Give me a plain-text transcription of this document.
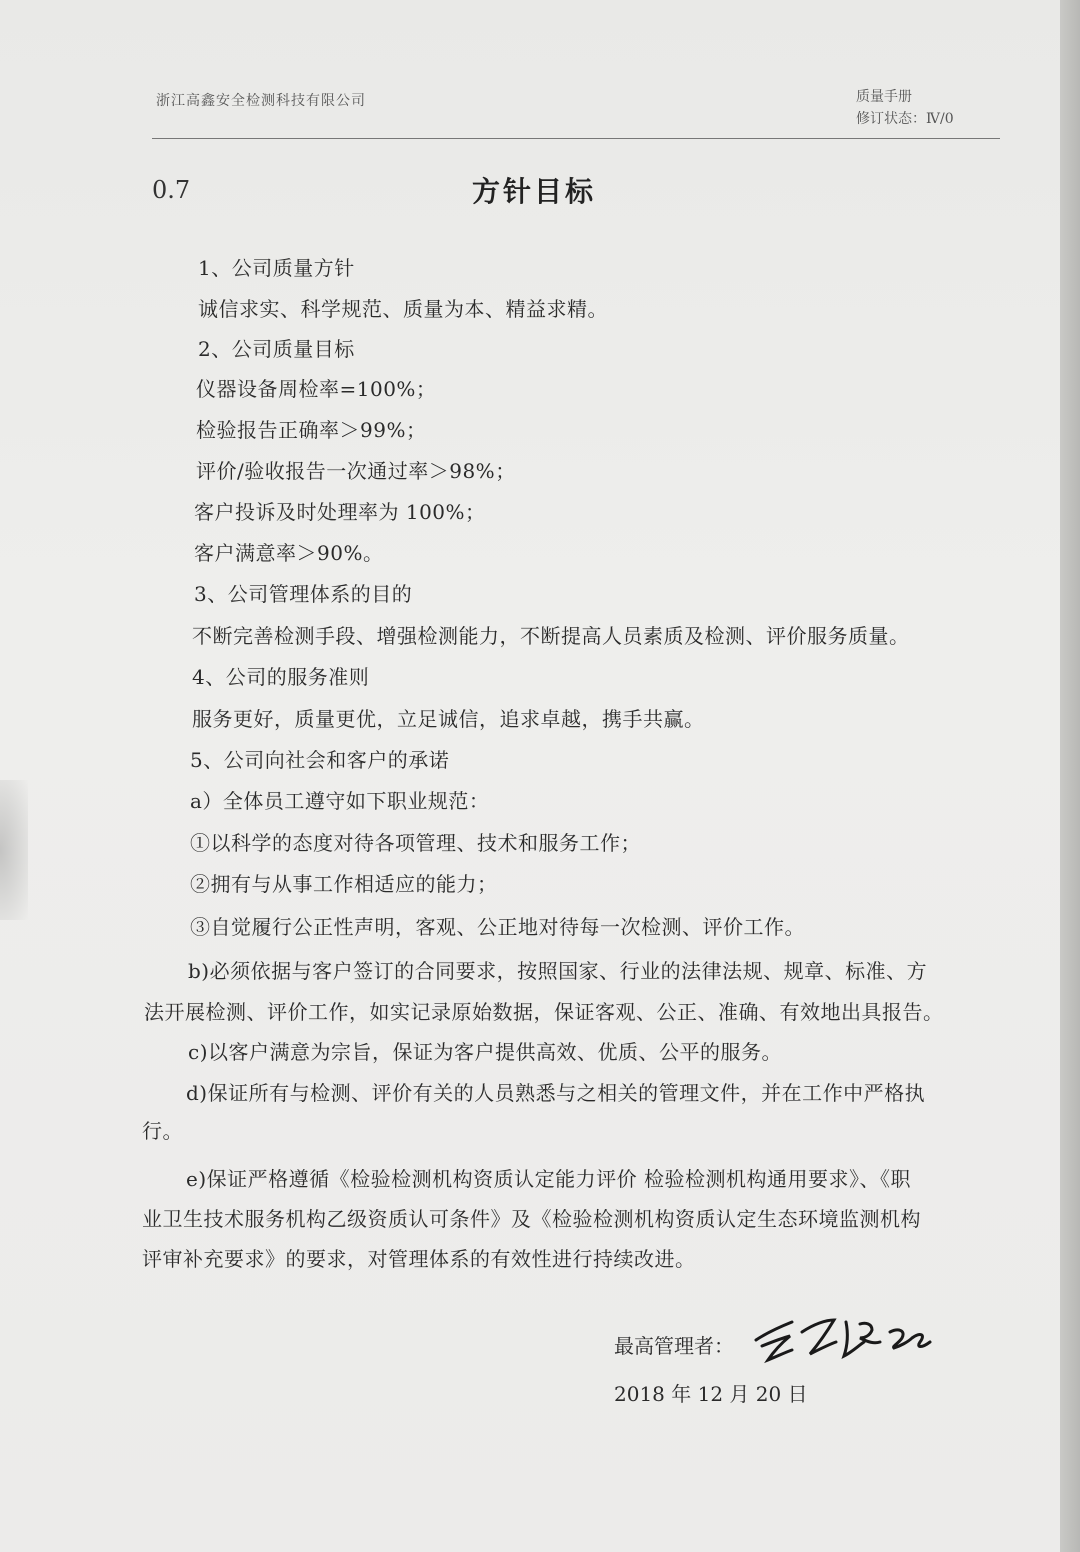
浙江高鑫安全检测科技有限公司	质量手册
修订状态：Ⅳ/0
0.7	方针目标
1、公司质量方针
诚信求实、科学规范、质量为本、精益求精。
2、公司质量目标
仪器设备周检率=100%；
检验报告正确率＞99%；
评价/验收报告一次通过率＞98%；
客户投诉及时处理率为 100%；
客户满意率＞90%。
3、公司管理体系的目的
不断完善检测手段、增强检测能力，不断提高人员素质及检测、评价服务质量。
4、公司的服务准则
服务更好，质量更优，立足诚信，追求卓越，携手共赢。
5、公司向社会和客户的承诺
a）全体员工遵守如下职业规范：
①以科学的态度对待各项管理、技术和服务工作；
②拥有与从事工作相适应的能力；
③自觉履行公正性声明，客观、公正地对待每一次检测、评价工作。
b)必须依据与客户签订的合同要求，按照国家、行业的法律法规、规章、标准、方
法开展检测、评价工作，如实记录原始数据，保证客观、公正、准确、有效地出具报告。
c)以客户满意为宗旨，保证为客户提供高效、优质、公平的服务。
d)保证所有与检测、评价有关的人员熟悉与之相关的管理文件，并在工作中严格执
行。
e)保证严格遵循《检验检测机构资质认定能力评价 检验检测机构通用要求》、《职
业卫生技术服务机构乙级资质认可条件》及《检验检测机构资质认定生态环境监测机构
评审补充要求》的要求，对管理体系的有效性进行持续改进。
最高管理者：
2018 年 12 月 20 日
